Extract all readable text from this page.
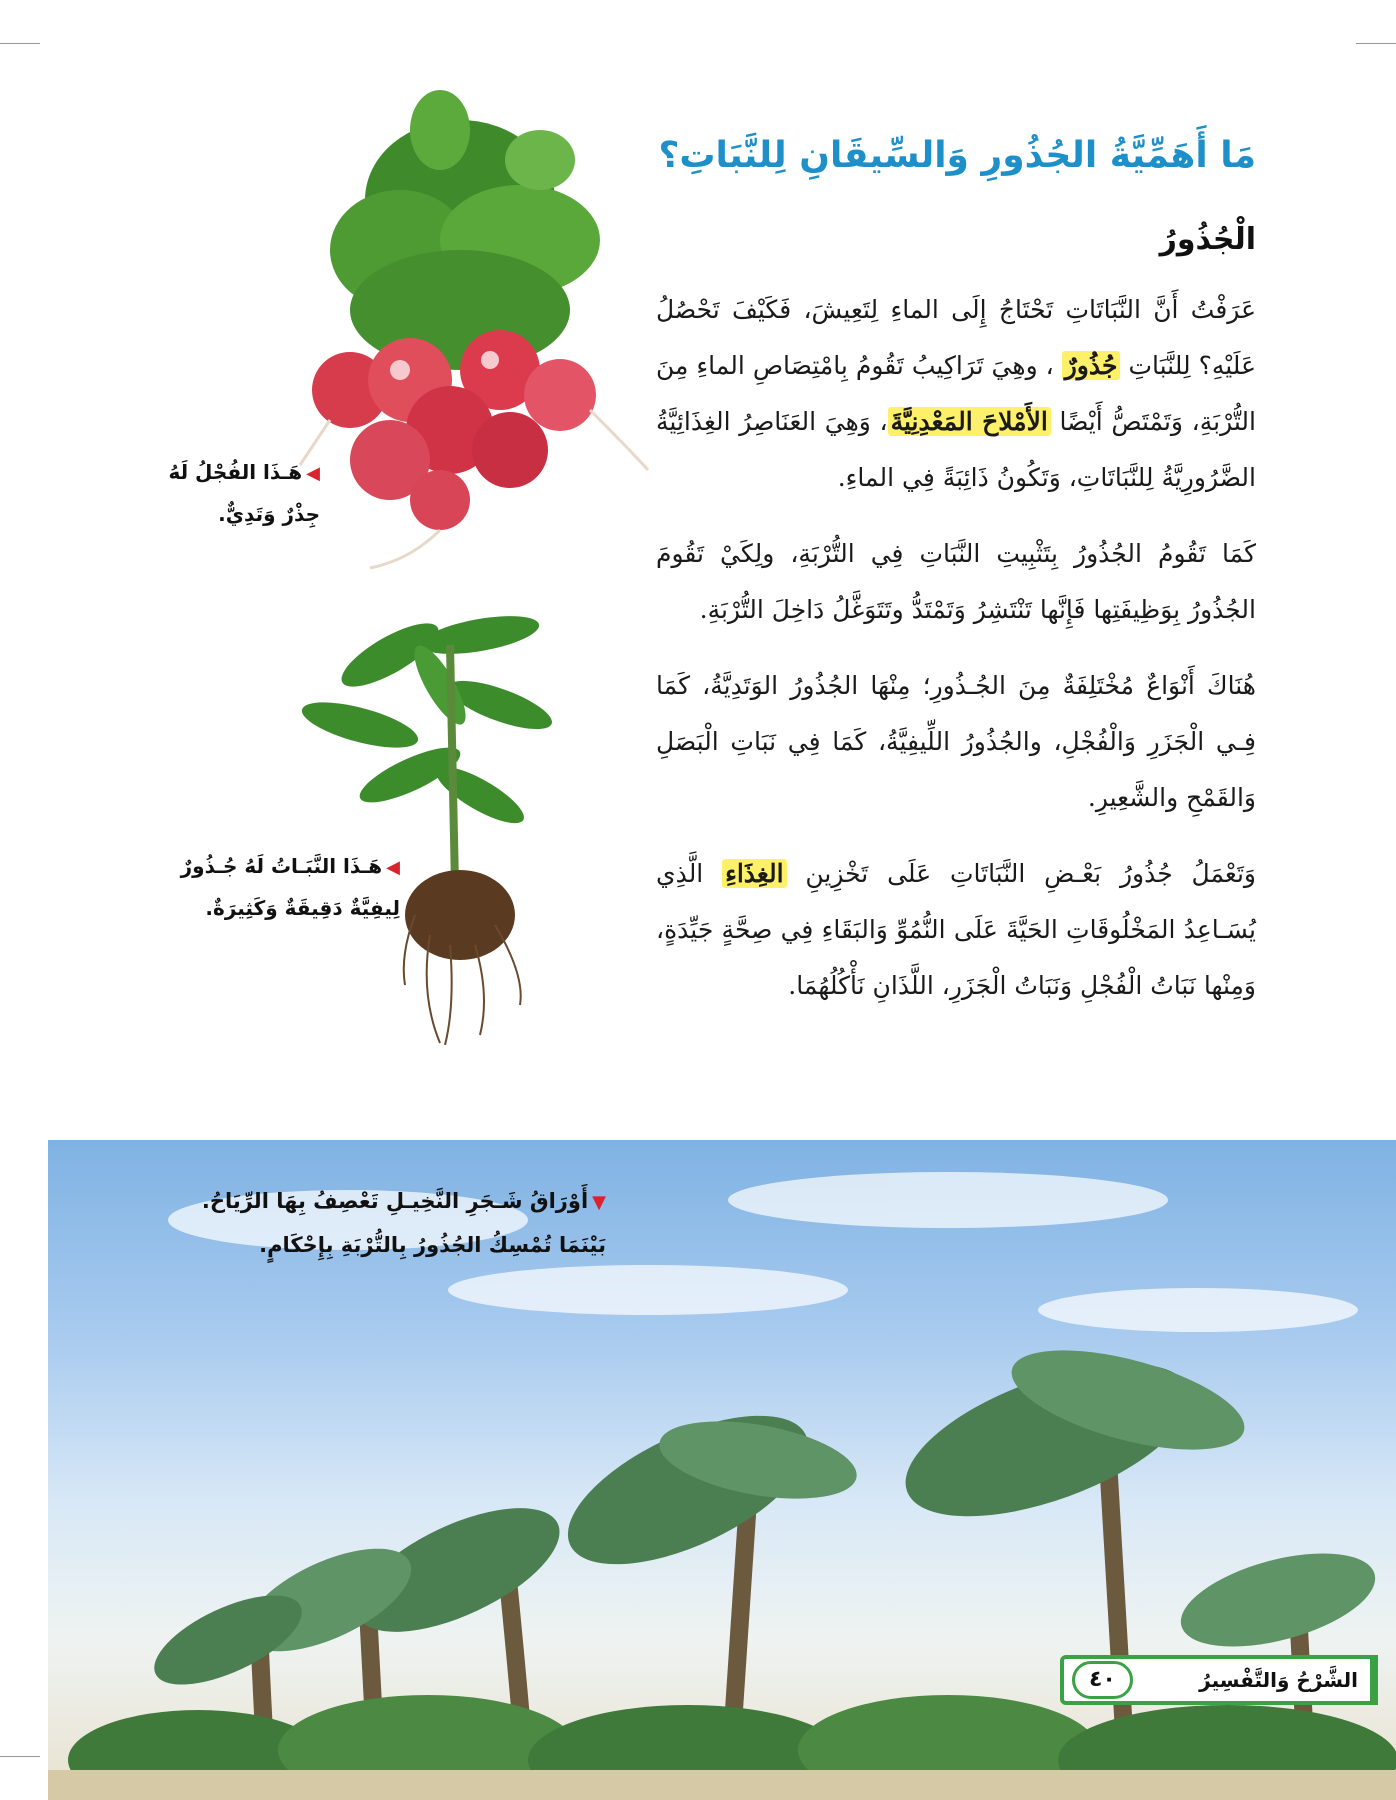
◀هَـذَا الفُجْلُ لَهُ
جِذْرٌ وَتَدِيٌّ.
◀هَـذَا النَّبَـاتُ لَهُ جُـذُورٌ
لِيفِيَّةٌ دَقِيقَةٌ وَكَثِيرَةٌ.
مَا أَهَمِّيَّةُ الجُذُورِ وَالسِّيقَانِ لِلنَّبَاتِ؟
الْجُذُورُ

عَرَفْتُ أَنَّ النَّبَاتَاتِ تَحْتَاجُ إِلَى الماءِ لِتَعِيشَ، فَكَيْفَ تَحْصُلُ عَلَيْهِ؟ لِلنَّبَاتِ جُذُورٌ ، وهِيَ تَرَاكِيبُ تَقُومُ بِامْتِصَاصِ الماءِ مِنَ التُّرْبَةِ، وَتَمْتَصُّ أَيْضًا الأَمْلاحَ المَعْدِنِيَّةَ، وَهِيَ العَنَاصِرُ الغِذَائِيَّةُ الضَّرُورِيَّةُ لِلنَّبَاتَاتِ، وَتَكُونُ ذَائِبَةً فِي الماءِ.

كَمَا تَقُومُ الجُذُورُ بِتَثْبِيتِ النَّبَاتِ فِي التُّرْبَةِ، ولِكَيْ تَقُومَ الجُذُورُ بِوَظِيفَتِها فَإِنَّها تَنْتَشِرُ وَتَمْتَدُّ وتَتَوَغَّلُ دَاخِلَ التُّرْبَةِ.

هُنَاكَ أَنْوَاعٌ مُخْتَلِفَةٌ مِنَ الجُـذُورِ؛ مِنْهَا الجُذُورُ الوَتَدِيَّةُ، كَمَا فِـي الْجَزَرِ وَالْفُجْلِ، والجُذُورُ اللِّيفِيَّةُ، كَمَا فِي نَبَاتِ الْبَصَلِ وَالقَمْحِ والشَّعِيرِ.

وَتَعْمَلُ جُذُورُ بَعْـضِ النَّبَاتَاتِ عَلَى تَخْزِينِ الغِذَاءِ الَّذِي يُسَـاعِدُ المَخْلُوقَاتِ الحَيَّةَ عَلَى النُّمُوِّ وَالبَقَاءِ فِي صِحَّةٍ جَيِّدَةٍ، وَمِنْها نَبَاتُ الْفُجْلِ وَنَبَاتُ الْجَزَرِ، اللَّذَانِ نَأْكُلُهُمَا.

▼أَوْرَاقُ شَـجَرِ النَّخِيـلِ تَعْصِفُ بِهَا الرِّيَاحُ.
بَيْنَمَا تُمْسِكُ الجُذُورُ بِالتُّرْبَةِ بِإِحْكَامٍ.
الشَّرْحُ وَالتَّفْسِيرُ
٤٠
